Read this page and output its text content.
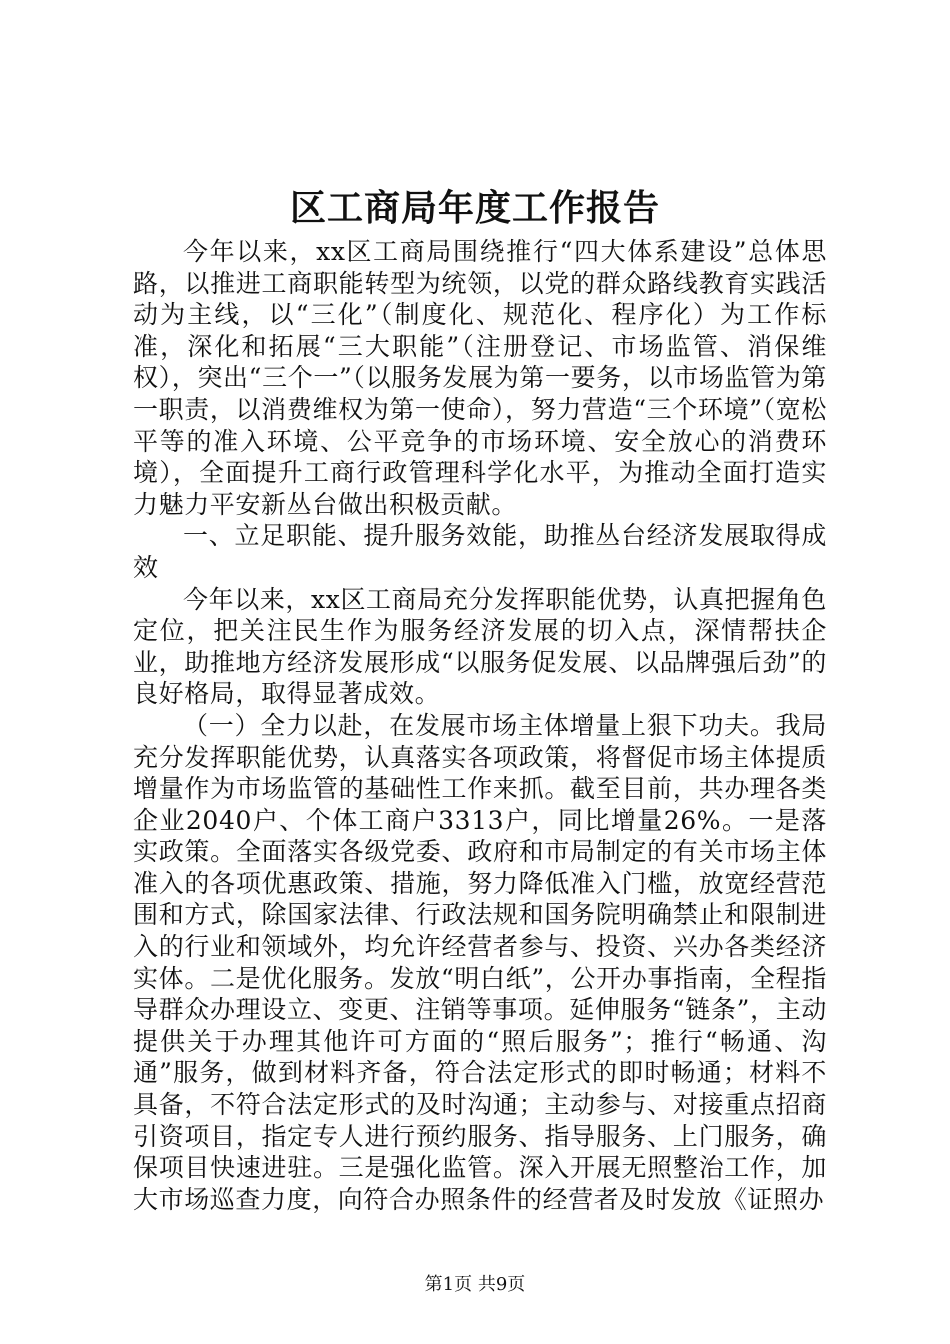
区工商局年度工作报告

今年以来，xx区工商局围绕推行“四大体系建设”总体思路，以推进工商职能转型为统领，以党的群众路线教育实践活动为主线，以“三化”（制度化、规范化、程序化）为工作标准，深化和拓展“三大职能”（注册登记、市场监管、消保维权），突出“三个一”（以服务发展为第一要务，以市场监管为第一职责，以消费维权为第一使命），努力营造“三个环境”（宽松平等的准入环境、公平竞争的市场环境、安全放心的消费环境），全面提升工商行政管理科学化水平，为推动全面打造实力魅力平安新丛台做出积极贡献。

一、立足职能、提升服务效能，助推丛台经济发展取得成效

今年以来，xx区工商局充分发挥职能优势，认真把握角色定位，把关注民生作为服务经济发展的切入点，深情帮扶企业，助推地方经济发展形成“以服务促发展、以品牌强后劲”的良好格局，取得显著成效。

（一）全力以赴，在发展市场主体增量上狠下功夫。我局充分发挥职能优势，认真落实各项政策，将督促市场主体提质增量作为市场监管的基础性工作来抓。截至目前，共办理各类企业2040户、个体工商户3313户，同比增量26%。一是落实政策。全面落实各级党委、政府和市局制定的有关市场主体准入的各项优惠政策、措施，努力降低准入门槛，放宽经营范围和方式，除国家法律、行政法规和国务院明确禁止和限制进入的行业和领域外，均允许经营者参与、投资、兴办各类经济实体。二是优化服务。发放“明白纸”，公开办事指南，全程指导群众办理设立、变更、注销等事项。延伸服务“链条”，主动提供关于办理其他许可方面的“照后服务”；推行“畅通、沟通”服务，做到材料齐备，符合法定形式的即时畅通；材料不具备，不符合法定形式的及时沟通；主动参与、对接重点招商引资项目，指定专人进行预约服务、指导服务、上门服务，确保项目快速进驻。三是强化监管。深入开展无照整治工作，加大市场巡查力度，向符合办照条件的经营者及时发放《证照办

第1页 共9页
